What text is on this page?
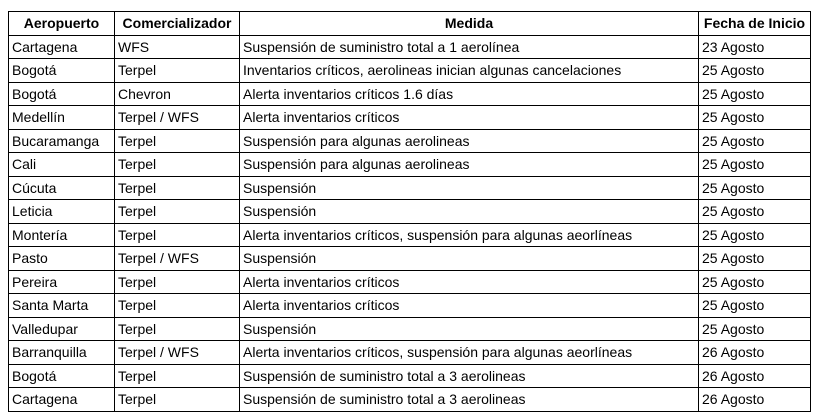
Aeropuerto	Comercializador	Medida	Fecha de Inicio
Cartagena	WFS	Suspensión de suministro total a 1 aerolínea	23 Agosto
Bogotá	Terpel	Inventarios críticos, aerolineas inician algunas cancelaciones	25 Agosto
Bogotá	Chevron	Alerta inventarios críticos 1.6 días	25 Agosto
Medellín	Terpel / WFS	Alerta inventarios críticos	25 Agosto
Bucaramanga	Terpel	Suspensión para algunas aerolineas	25 Agosto
Cali	Terpel	Suspensión para algunas aerolineas	25 Agosto
Cúcuta	Terpel	Suspensión	25 Agosto
Leticia	Terpel	Suspensión	25 Agosto
Montería	Terpel	Alerta inventarios críticos, suspensión para algunas aeorlíneas	25 Agosto
Pasto	Terpel / WFS	Suspensión	25 Agosto
Pereira	Terpel	Alerta inventarios críticos	25 Agosto
Santa Marta	Terpel	Alerta inventarios críticos	25 Agosto
Valledupar	Terpel	Suspensión	25 Agosto
Barranquilla	Terpel / WFS	Alerta inventarios críticos, suspensión para algunas aeorlíneas	26 Agosto
Bogotá	Terpel	Suspensión de suministro total a 3 aerolineas	26 Agosto
Cartagena	Terpel	Suspensión de suministro total a 3 aerolineas	26 Agosto
